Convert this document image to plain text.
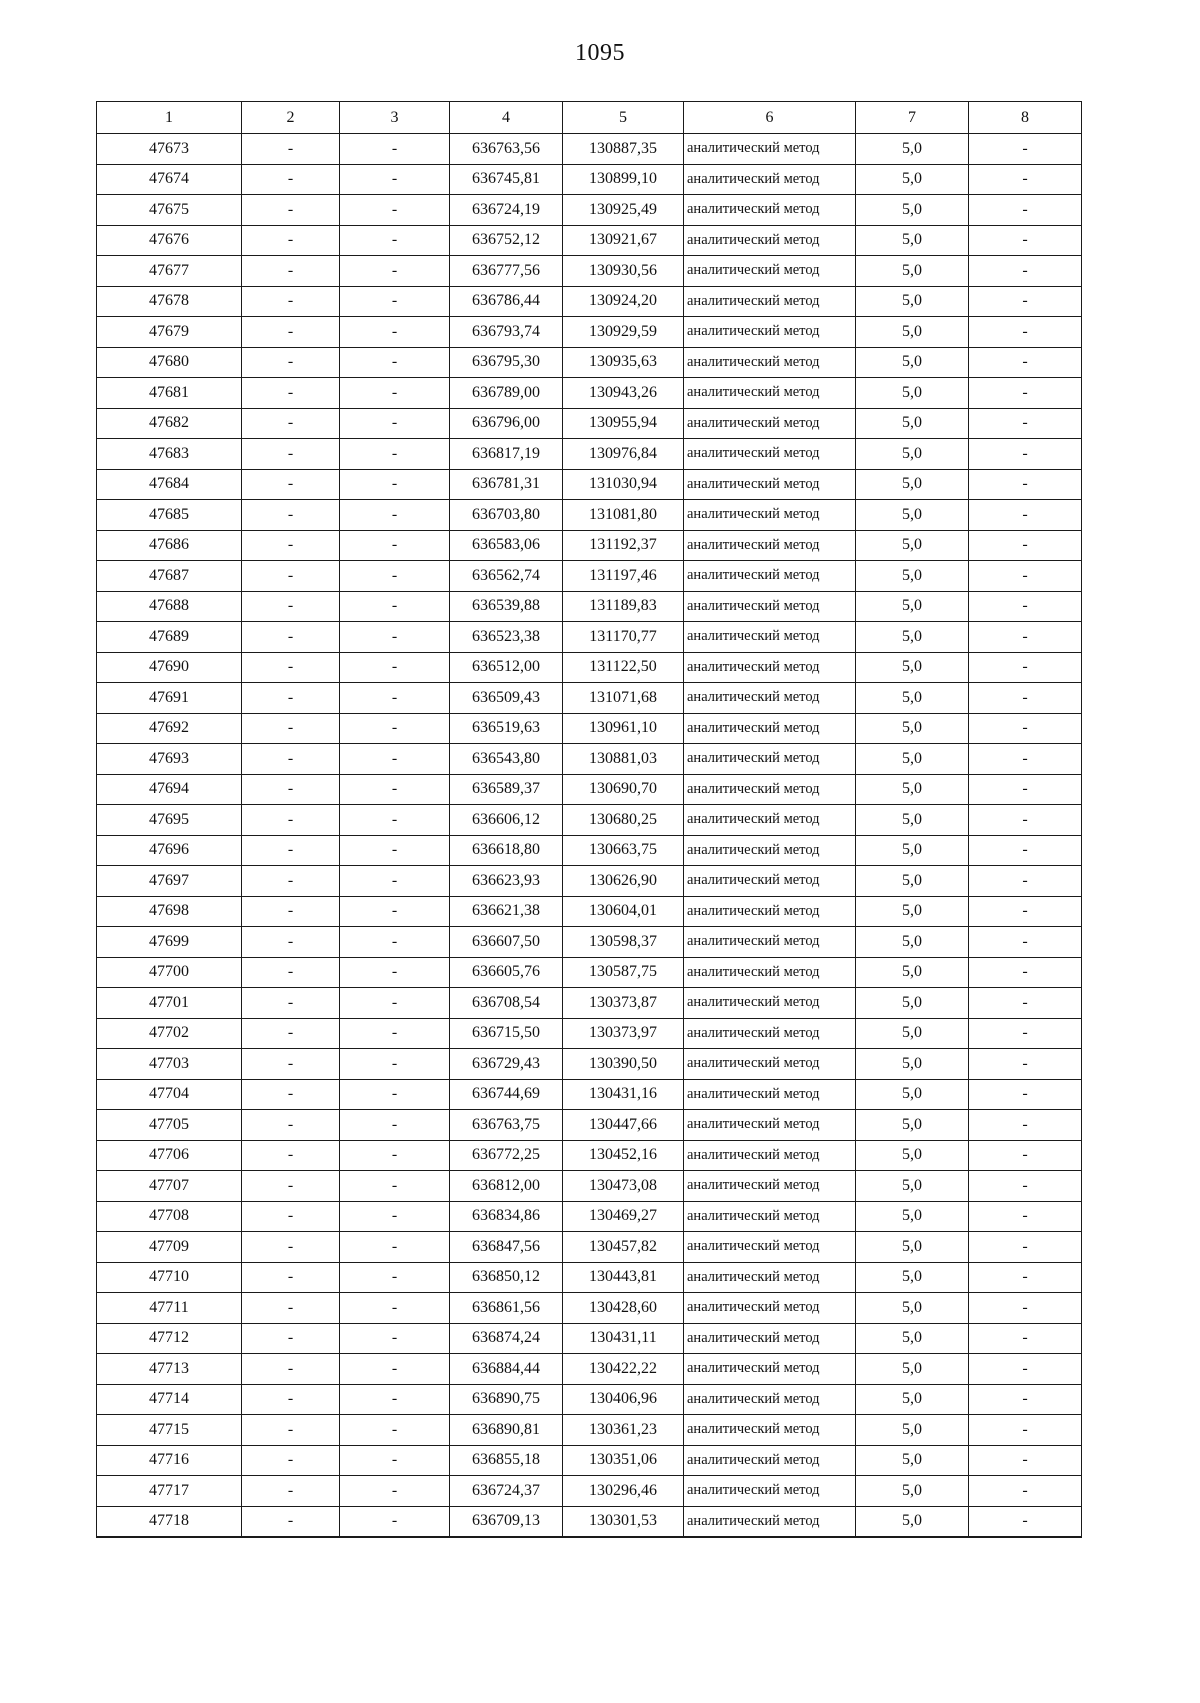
1095
1	2	3	4	5	6	7	8
47673	-	-	636763,56	130887,35	аналитический метод	5,0	-
47674	-	-	636745,81	130899,10	аналитический метод	5,0	-
47675	-	-	636724,19	130925,49	аналитический метод	5,0	-
47676	-	-	636752,12	130921,67	аналитический метод	5,0	-
47677	-	-	636777,56	130930,56	аналитический метод	5,0	-
47678	-	-	636786,44	130924,20	аналитический метод	5,0	-
47679	-	-	636793,74	130929,59	аналитический метод	5,0	-
47680	-	-	636795,30	130935,63	аналитический метод	5,0	-
47681	-	-	636789,00	130943,26	аналитический метод	5,0	-
47682	-	-	636796,00	130955,94	аналитический метод	5,0	-
47683	-	-	636817,19	130976,84	аналитический метод	5,0	-
47684	-	-	636781,31	131030,94	аналитический метод	5,0	-
47685	-	-	636703,80	131081,80	аналитический метод	5,0	-
47686	-	-	636583,06	131192,37	аналитический метод	5,0	-
47687	-	-	636562,74	131197,46	аналитический метод	5,0	-
47688	-	-	636539,88	131189,83	аналитический метод	5,0	-
47689	-	-	636523,38	131170,77	аналитический метод	5,0	-
47690	-	-	636512,00	131122,50	аналитический метод	5,0	-
47691	-	-	636509,43	131071,68	аналитический метод	5,0	-
47692	-	-	636519,63	130961,10	аналитический метод	5,0	-
47693	-	-	636543,80	130881,03	аналитический метод	5,0	-
47694	-	-	636589,37	130690,70	аналитический метод	5,0	-
47695	-	-	636606,12	130680,25	аналитический метод	5,0	-
47696	-	-	636618,80	130663,75	аналитический метод	5,0	-
47697	-	-	636623,93	130626,90	аналитический метод	5,0	-
47698	-	-	636621,38	130604,01	аналитический метод	5,0	-
47699	-	-	636607,50	130598,37	аналитический метод	5,0	-
47700	-	-	636605,76	130587,75	аналитический метод	5,0	-
47701	-	-	636708,54	130373,87	аналитический метод	5,0	-
47702	-	-	636715,50	130373,97	аналитический метод	5,0	-
47703	-	-	636729,43	130390,50	аналитический метод	5,0	-
47704	-	-	636744,69	130431,16	аналитический метод	5,0	-
47705	-	-	636763,75	130447,66	аналитический метод	5,0	-
47706	-	-	636772,25	130452,16	аналитический метод	5,0	-
47707	-	-	636812,00	130473,08	аналитический метод	5,0	-
47708	-	-	636834,86	130469,27	аналитический метод	5,0	-
47709	-	-	636847,56	130457,82	аналитический метод	5,0	-
47710	-	-	636850,12	130443,81	аналитический метод	5,0	-
47711	-	-	636861,56	130428,60	аналитический метод	5,0	-
47712	-	-	636874,24	130431,11	аналитический метод	5,0	-
47713	-	-	636884,44	130422,22	аналитический метод	5,0	-
47714	-	-	636890,75	130406,96	аналитический метод	5,0	-
47715	-	-	636890,81	130361,23	аналитический метод	5,0	-
47716	-	-	636855,18	130351,06	аналитический метод	5,0	-
47717	-	-	636724,37	130296,46	аналитический метод	5,0	-
47718	-	-	636709,13	130301,53	аналитический метод	5,0	-
